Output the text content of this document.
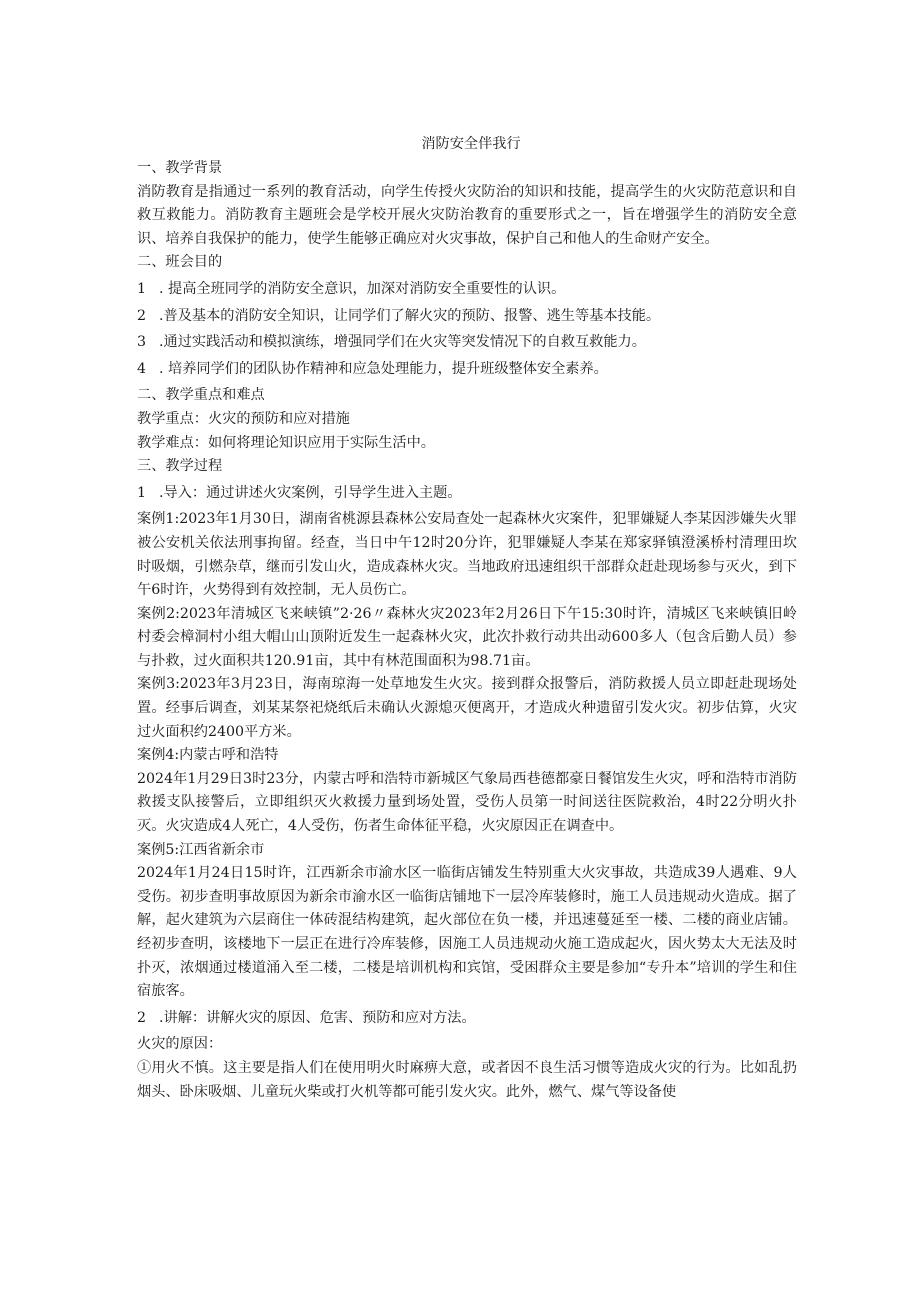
消防安全伴我行
一、教学背景
消防教育是指通过一系列的教育活动，向学生传授火灾防治的知识和技能，提高学生的火灾防范意识和自救互救能力。消防教育主题班会是学校开展火灾防治教育的重要形式之一，旨在增强学生的消防安全意识、培养自我保护的能力，使学生能够正确应对火灾事故，保护自己和他人的生命财产安全。
二、班会目的
1 . 提高全班同学的消防安全意识，加深对消防安全重要性的认识。
2 .普及基本的消防安全知识，让同学们了解火灾的预防、报警、逃生等基本技能。
3 .通过实践活动和模拟演练，增强同学们在火灾等突发情况下的自救互救能力。
4 . 培养同学们的团队协作精神和应急处理能力，提升班级整体安全素养。
二、教学重点和难点
教学重点：火灾的预防和应对措施
教学难点：如何将理论知识应用于实际生活中。
三、教学过程
1 .导入：通过讲述火灾案例，引导学生进入主题。
案例1:2023年1月30日，湖南省桃源县森林公安局查处一起森林火灾案件，犯罪嫌疑人李某因涉嫌失火罪被公安机关依法刑事拘留。经查，当日中午12时20分许，犯罪嫌疑人李某在郑家驿镇澄溪桥村清理田坎时吸烟，引燃杂草，继而引发山火，造成森林火灾。当地政府迅速组织干部群众赶赴现场参与灭火，到下午6时许，火势得到有效控制，无人员伤亡。
案例2:2023年清城区飞来峡镇”2·26〃森林火灾2023年2月26日下午15:30时许，清城区飞来峡镇旧岭村委会樟洞村小组大帽山山顶附近发生一起森林火灾，此次扑救行动共出动600多人（包含后勤人员）参与扑救，过火面积共120.91亩，其中有林范围面积为98.71亩。
案例3:2023年3月23日，海南琼海一处草地发生火灾。接到群众报警后，消防救援人员立即赶赴现场处置。经事后调查，刘某某祭祀烧纸后未确认火源熄灭便离开，才造成火种遗留引发火灾。初步估算，火灾过火面积约2400平方米。
案例4:内蒙古呼和浩特
2024年1月29日3时23分，内蒙古呼和浩特市新城区气象局西巷德都豪日餐馆发生火灾，呼和浩特市消防救援支队接警后，立即组织灭火救援力量到场处置，受伤人员第一时间送往医院救治，4时22分明火扑灭。火灾造成4人死亡，4人受伤，伤者生命体征平稳，火灾原因正在调查中。
案例5:江西省新余市
2024年1月24日15时许，江西新余市渝水区一临街店铺发生特别重大火灾事故，共造成39人遇难、9人受伤。初步查明事故原因为新余市渝水区一临街店铺地下一层冷库装修时，施工人员违规动火造成。据了解，起火建筑为六层商住一体砖混结构建筑，起火部位在负一楼，并迅速蔓延至一楼、二楼的商业店铺。经初步查明，该楼地下一层正在进行冷库装修，因施工人员违规动火施工造成起火，因火势太大无法及时扑灭，浓烟通过楼道涌入至二楼，二楼是培训机构和宾馆，受困群众主要是参加“专升本”培训的学生和住宿旅客。
2 .讲解：讲解火灾的原因、危害、预防和应对方法。
火灾的原因：
①用火不慎。这主要是指人们在使用明火时麻痹大意，或者因不良生活习惯等造成火灾的行为。比如乱扔烟头、卧床吸烟、儿童玩火柴或打火机等都可能引发火灾。此外，燃气、煤气等设备使
